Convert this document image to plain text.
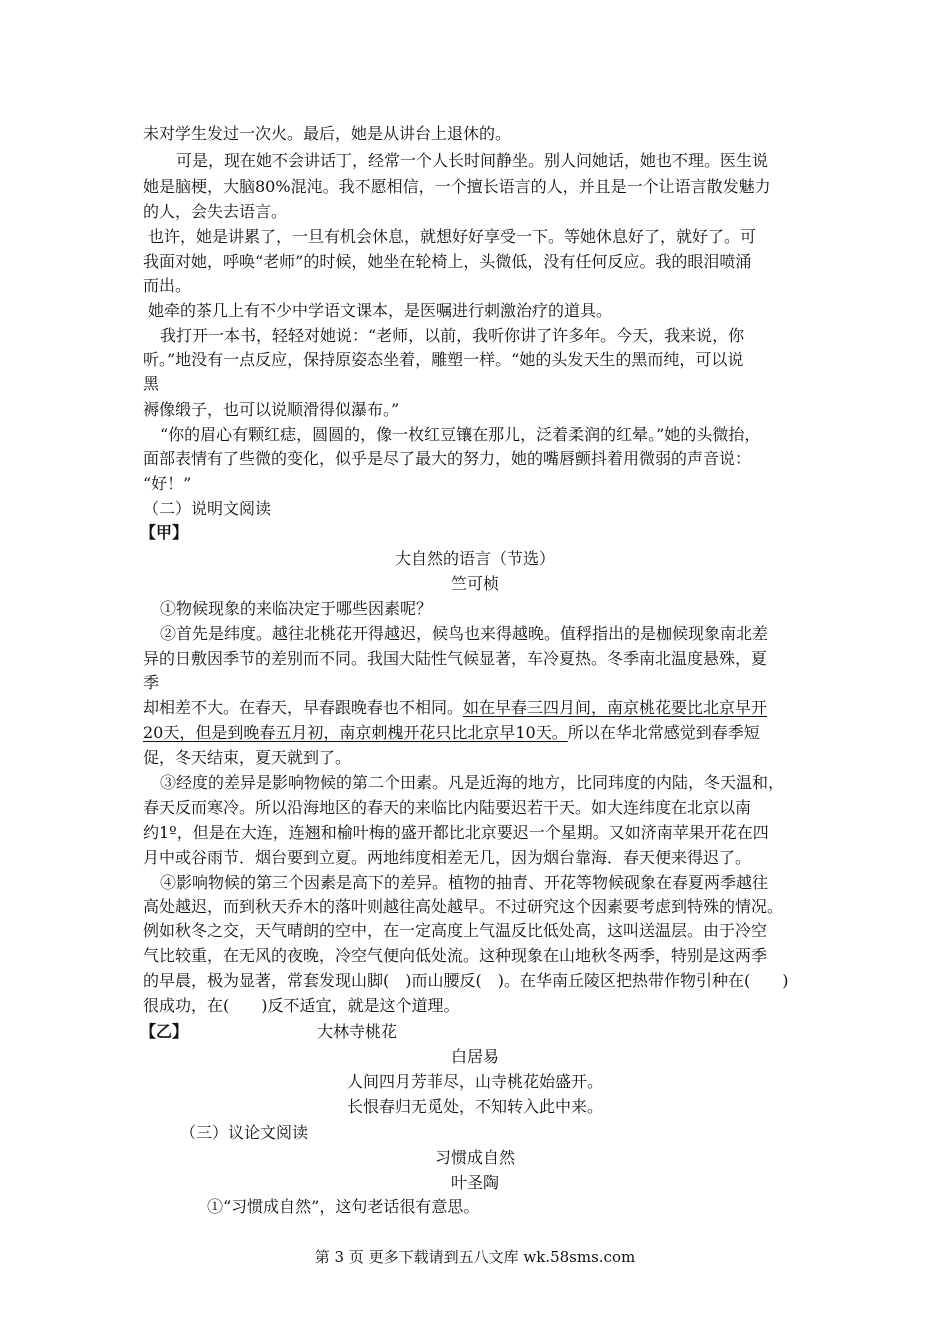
未对学生发过一次火。最后，她是从讲台上退休的。

可是，现在她不会讲话丁，经常一个人长时间静坐。别人问她话，她也不理。医生说

她是脑梗，大脑80%混沌。我不愿相信，一个擅长语言的人，并且是一个让语言散发魅力

的人，会失去语言。

也许，她是讲累了，一旦有机会休息，就想好好享受一下。等她休息好了，就好了。可

我面对她，呼唤“老师”的时候，她坐在轮椅上，头微低，没有任何反应。我的眼泪喷涌

而出。

她牵的茶几上有不少中学语文课本，是医嘱进行刺激治疗的道具。

我打开一本书，轻轻对她说：“老师，以前，我听你讲了许多年。今天，我来说，你

听。”地没有一点反应，保持原姿态坐着，雕塑一样。“她的头发天生的黑而纯，可以说

黑

褥像缎子，也可以说顺滑得似瀑布。”

“你的眉心有颗红痣，圆圆的，像一枚红豆镶在那儿，泛着柔润的红晕。”她的头微抬，

面部表情有了些微的变化，似乎是尽了最大的努力，她的嘴唇颤抖着用微弱的声音说：

“好！”

（二）说明文阅读

【甲】

大自然的语言（节选）

竺可桢

①物候现象的来临决定于哪些因素呢？

②首先是纬度。越往北桃花开得越迟，候鸟也来得越晚。值稃指出的是枷候现象南北差

异的日敷因季节的差别而不同。我国大陆性气候显著，车冷夏热。冬季南北温度悬殊，夏

季

却相差不大。在春天，早春跟晚春也不相同。如在早春三四月间，南京桃花要比北京早开

20天，但是到晚春五月初，南京刺槐开花只比北京早10天。所以在华北常感觉到春季短

促，冬天结束，夏天就到了。

③经度的差异是影响物候的第二个田素。凡是近海的地方，比同玮度的内陆，冬天温和，

春天反而寒冷。所以沿海地区的春天的来临比内陆要迟若干天。如大连纬度在北京以南

约1º，但是在大连，连翘和榆叶梅的盛开都比北京要迟一个星期。又如济南苹果开花在四

月中或谷雨节．烟台要到立夏。两地纬度相差无几，因为烟台靠海．春天便来得迟了。

④影响物候的第三个因素是高下的差异。植物的抽青、开花等物候砚象在春夏两季越往

高处越迟，而到秋天乔木的落叶则越往高处越早。不过研究这个因素要考虑到特殊的情况。

例如秋冬之交，天气晴朗的空中，在一定高度上气温反比低处高，这叫送温层。由于冷空

气比较重，在无风的夜晚，冷空气便向低处流。这种现象在山地秋冬两季，特别是这两季

的早晨，极为显著，常套发现山脚(　)而山腰反(　)。在华南丘陵区把热带作物引种在(　　)

很成功，在(　　)反不适宜，就是这个道理。

【乙】	大林寺桃花

白居易

人间四月芳菲尽，山寺桃花始盛开。

长恨春归无觅处，不知转入此中来。

（三）议论文阅读

习惯成自然

叶圣陶

①“习惯成自然”，这句老话很有意思。

第 3 页 更多下载请到五八文库 wk.58sms.com
